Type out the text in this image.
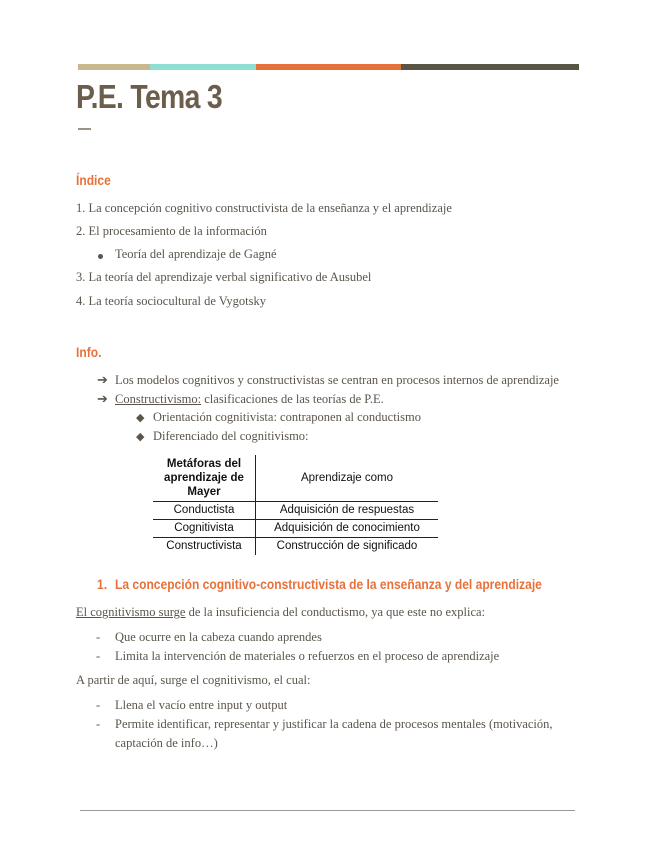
P.E. Tema 3
Índice
1. La concepción cognitivo constructivista de la enseñanza y el aprendizaje
2. El procesamiento de la información
Teoría del aprendizaje de Gagné
3. La teoría del aprendizaje verbal significativo de Ausubel
4. La teoría sociocultural de Vygotsky
Info.
➔ Los modelos cognitivos y constructivistas se centran en procesos internos de aprendizaje
➔ Constructivismo: clasificaciones de las teorías de P.E.
◆ Orientación cognitivista: contraponen al conductismo
◆ Diferenciado del cognitivismo:
Metáforas del aprendizaje de Mayer	Aprendizaje como
Conductista	Adquisición de respuestas
Cognitivista	Adquisición de conocimiento
Constructivista	Construcción de significado
1. La concepción cognitivo-constructivista de la enseñanza y del aprendizaje
El cognitivismo surge de la insuficiencia del conductismo, ya que este no explica:
- Que ocurre en la cabeza cuando aprendes
- Limita la intervención de materiales o refuerzos en el proceso de aprendizaje
A partir de aquí, surge el cognitivismo, el cual:
- Llena el vacío entre input y output
- Permite identificar, representar y justificar la cadena de procesos mentales (motivación,
captación de info…)
